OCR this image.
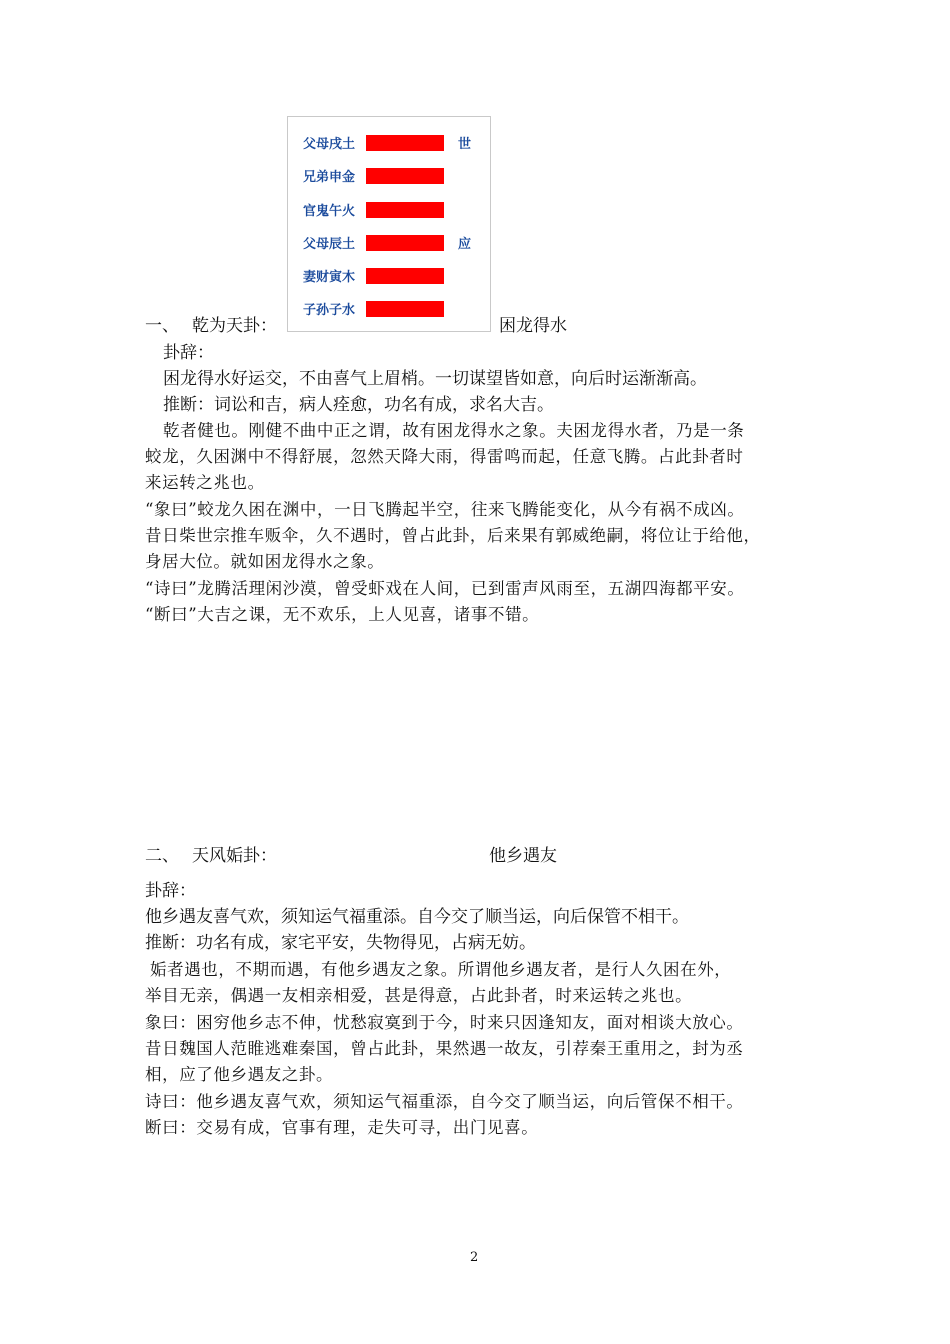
父母戌土	世
兄弟申金
官鬼午火
父母辰土	应
妻财寅木
子孙子水
一、 乾为天卦：	困龙得水
卦辞：
困龙得水好运交，不由喜气上眉梢。一切谋望皆如意，向后时运渐渐高。
推断：词讼和吉，病人痊愈，功名有成，求名大吉。
乾者健也。刚健不曲中正之谓，故有困龙得水之象。夫困龙得水者，乃是一条
蛟龙，久困渊中不得舒展，忽然天降大雨，得雷鸣而起，任意飞腾。占此卦者时
来运转之兆也。
“象曰”蛟龙久困在渊中，一日飞腾起半空，往来飞腾能变化，从今有祸不成凶。
昔日柴世宗推车贩伞，久不遇时，曾占此卦，后来果有郭威绝嗣，将位让于给他，
身居大位。就如困龙得水之象。
“诗曰”龙腾活理闲沙漠，曾受虾戏在人间，已到雷声风雨至，五湖四海都平安。
“断曰”大吉之课，无不欢乐，上人见喜，诸事不错。
二、 天风姤卦：	他乡遇友
卦辞：
他乡遇友喜气欢，须知运气福重添。自今交了顺当运，向后保管不相干。
推断：功名有成，家宅平安，失物得见，占病无妨。
姤者遇也，不期而遇，有他乡遇友之象。所谓他乡遇友者，是行人久困在外，
举目无亲，偶遇一友相亲相爱，甚是得意，占此卦者，时来运转之兆也。
象曰：困穷他乡志不伸，忧愁寂寞到于今，时来只因逢知友，面对相谈大放心。
昔日魏国人范睢逃难秦国，曾占此卦，果然遇一故友，引荐秦王重用之，封为丞
相，应了他乡遇友之卦。
诗曰：他乡遇友喜气欢，须知运气福重添，自今交了顺当运，向后管保不相干。
断曰：交易有成，官事有理，走失可寻，出门见喜。
2
